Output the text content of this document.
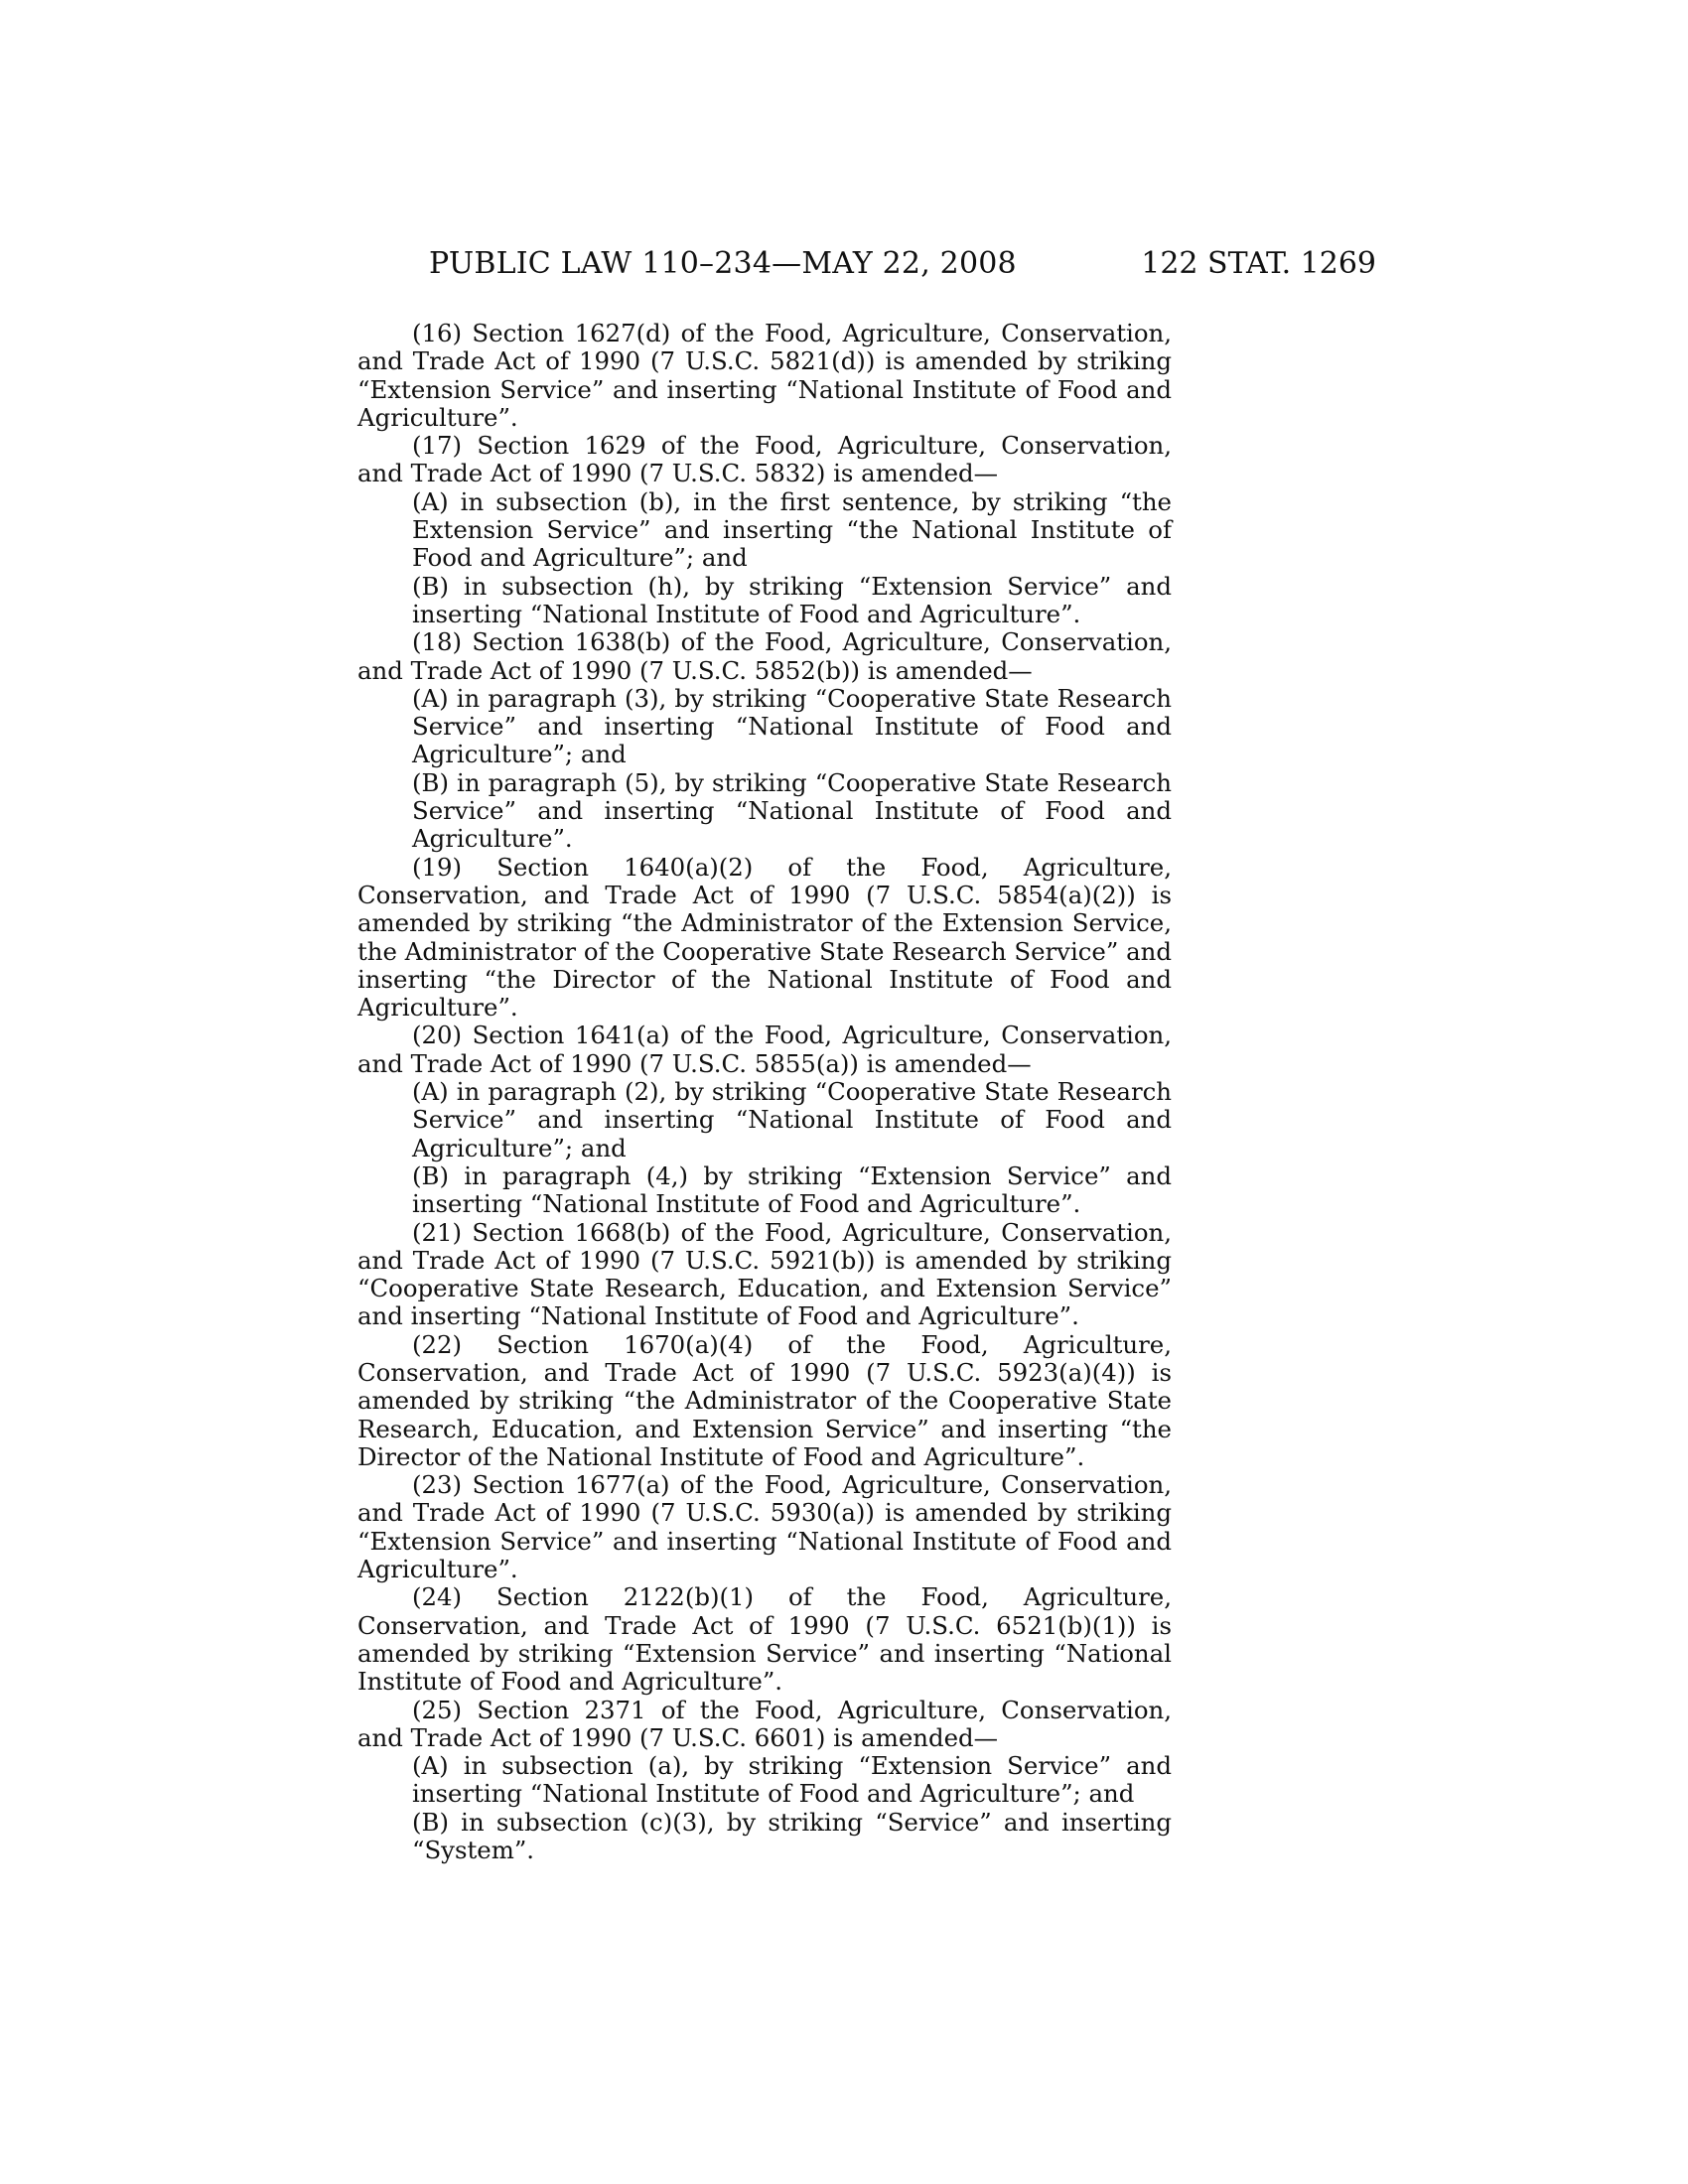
PUBLIC LAW 110–234—MAY 22, 2008	122 STAT. 1269

(16) Section 1627(d) of the Food, Agriculture, Conservation, and Trade Act of 1990 (7 U.S.C. 5821(d)) is amended by striking “Extension Service” and inserting “National Institute of Food and Agriculture”.

(17) Section 1629 of the Food, Agriculture, Conservation, and Trade Act of 1990 (7 U.S.C. 5832) is amended—

(A) in subsection (b), in the first sentence, by striking “the Extension Service” and inserting “the National Institute of Food and Agriculture”; and

(B) in subsection (h), by striking “Extension Service” and inserting “National Institute of Food and Agriculture”.

(18) Section 1638(b) of the Food, Agriculture, Conservation, and Trade Act of 1990 (7 U.S.C. 5852(b)) is amended—

(A) in paragraph (3), by striking “Cooperative State Research Service” and inserting “National Institute of Food and Agriculture”; and

(B) in paragraph (5), by striking “Cooperative State Research Service” and inserting “National Institute of Food and Agriculture”.

(19) Section 1640(a)(2) of the Food, Agriculture, Conservation, and Trade Act of 1990 (7 U.S.C. 5854(a)(2)) is amended by striking “the Administrator of the Extension Service, the Administrator of the Cooperative State Research Service” and inserting “the Director of the National Institute of Food and Agriculture”.

(20) Section 1641(a) of the Food, Agriculture, Conservation, and Trade Act of 1990 (7 U.S.C. 5855(a)) is amended—

(A) in paragraph (2), by striking “Cooperative State Research Service” and inserting “National Institute of Food and Agriculture”; and

(B) in paragraph (4,) by striking “Extension Service” and inserting “National Institute of Food and Agriculture”.

(21) Section 1668(b) of the Food, Agriculture, Conservation, and Trade Act of 1990 (7 U.S.C. 5921(b)) is amended by striking “Cooperative State Research, Education, and Extension Service” and inserting “National Institute of Food and Agriculture”.

(22) Section 1670(a)(4) of the Food, Agriculture, Conservation, and Trade Act of 1990 (7 U.S.C. 5923(a)(4)) is amended by striking “the Administrator of the Cooperative State Research, Education, and Extension Service” and inserting “the Director of the National Institute of Food and Agriculture”.

(23) Section 1677(a) of the Food, Agriculture, Conservation, and Trade Act of 1990 (7 U.S.C. 5930(a)) is amended by striking “Extension Service” and inserting “National Institute of Food and Agriculture”.

(24) Section 2122(b)(1) of the Food, Agriculture, Conservation, and Trade Act of 1990 (7 U.S.C. 6521(b)(1)) is amended by striking “Extension Service” and inserting “National Institute of Food and Agriculture”.

(25) Section 2371 of the Food, Agriculture, Conservation, and Trade Act of 1990 (7 U.S.C. 6601) is amended—

(A) in subsection (a), by striking “Extension Service” and inserting “National Institute of Food and Agriculture”; and

(B) in subsection (c)(3), by striking “Service” and inserting “System”.
